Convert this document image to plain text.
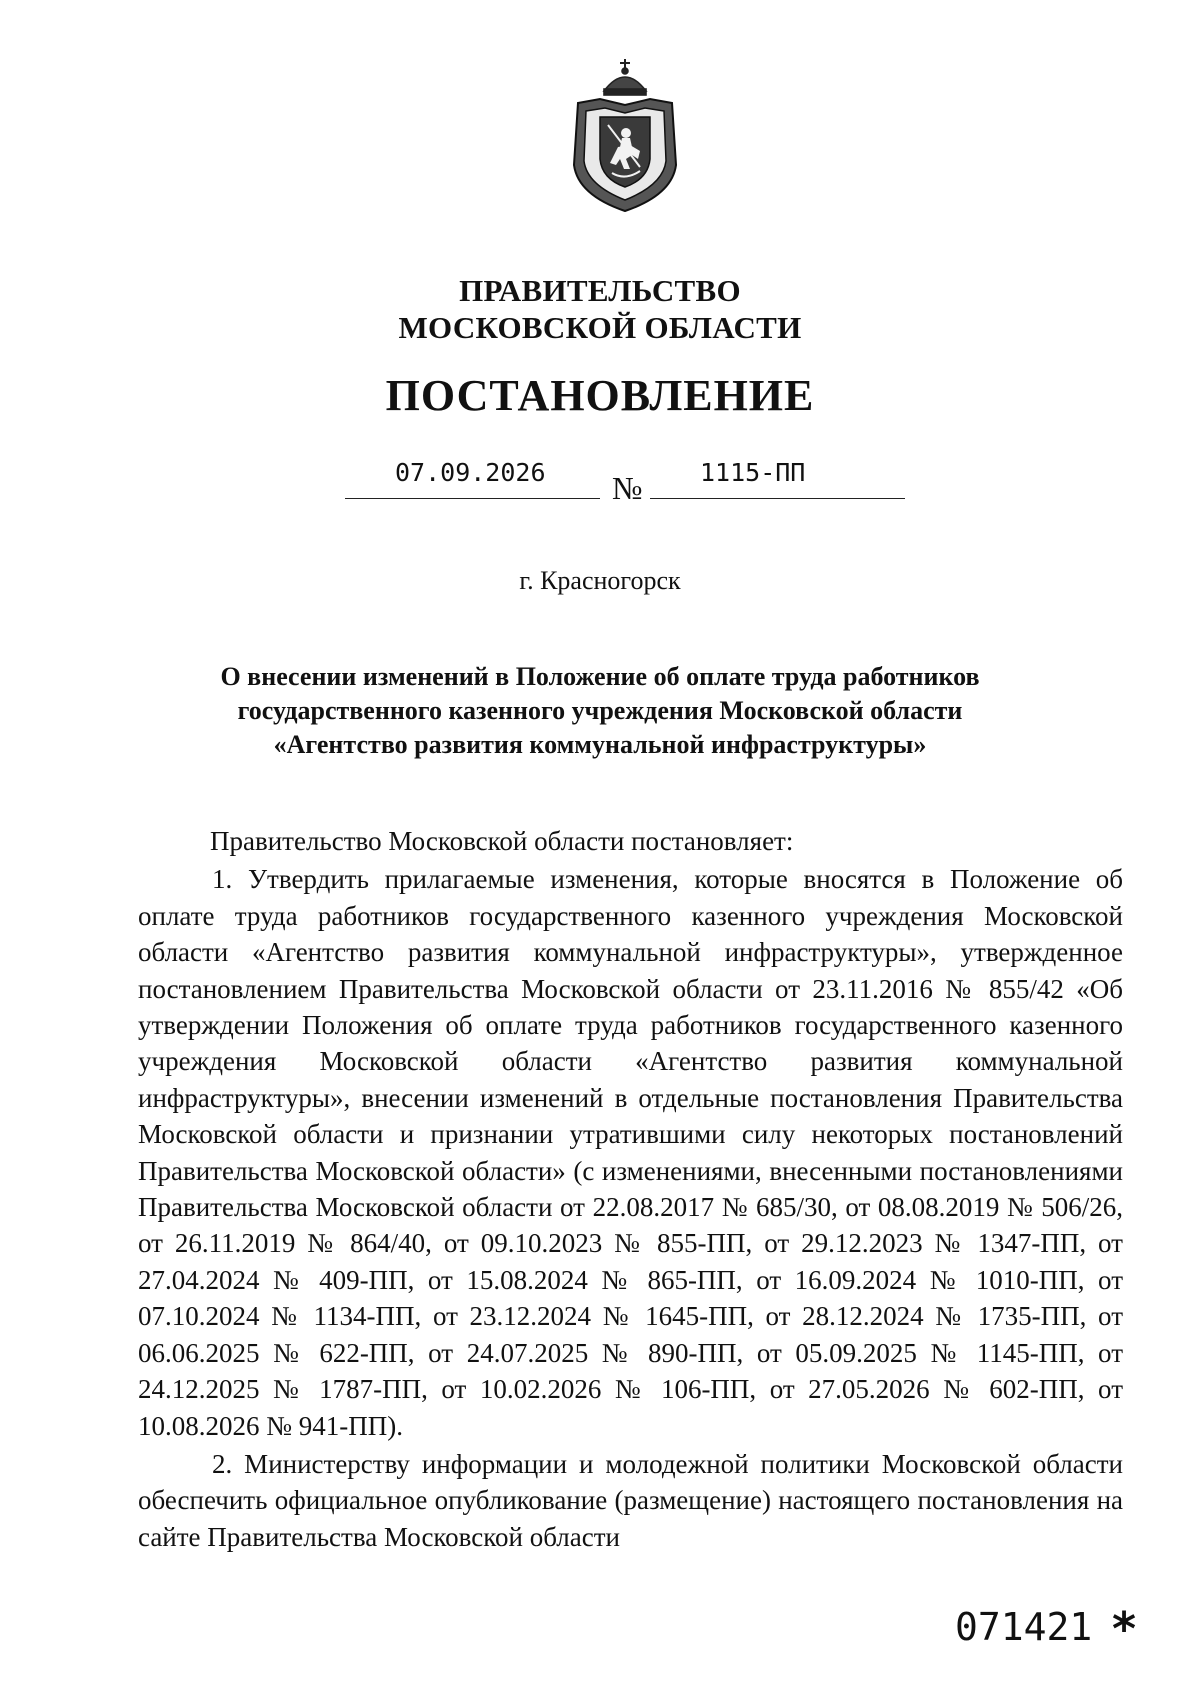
ПРАВИТЕЛЬСТВО
МОСКОВСКОЙ ОБЛАСТИ
ПОСТАНОВЛЕНИЕ
07.09.2026 № 1115-ПП
г. Красногорск
О внесении изменений в Положение об оплате труда работников
государственного казенного учреждения Московской области
«Агентство развития коммунальной инфраструктуры»

Правительство Московской области постановляет:

1. Утвердить прилагаемые изменения, которые вносятся в Положение об оплате труда работников государственного казенного учреждения Московской области «Агентство развития коммунальной инфраструктуры», утвержденное постановлением Правительства Московской области от 23.11.2016 № 855/42 «Об утверждении Положения об оплате труда работников государственного казенного учреждения Московской области «Агентство развития коммунальной инфраструктуры», внесении изменений в отдельные постановления Правительства Московской области и признании утратившими силу некоторых постановлений Правительства Московской области» (с изменениями, внесенными постановлениями Правительства Московской области от 22.08.2017 № 685/30, от 08.08.2019 № 506/26, от 26.11.2019 № 864/40, от 09.10.2023 № 855-ПП, от 29.12.2023 № 1347-ПП, от 27.04.2024 № 409-ПП, от 15.08.2024 № 865-ПП, от 16.09.2024 № 1010-ПП, от 07.10.2024 № 1134-ПП, от 23.12.2024 № 1645-ПП, от 28.12.2024 № 1735-ПП, от 06.06.2025 № 622-ПП, от 24.07.2025 № 890-ПП, от 05.09.2025 № 1145-ПП, от 24.12.2025 № 1787-ПП, от 10.02.2026 № 106-ПП, от 27.05.2026 № 602-ПП, от 10.08.2026 № 941-ПП).

2. Министерству информации и молодежной политики Московской области обеспечить официальное опубликование (размещение) настоящего постановления на сайте Правительства Московской области

071421 *
